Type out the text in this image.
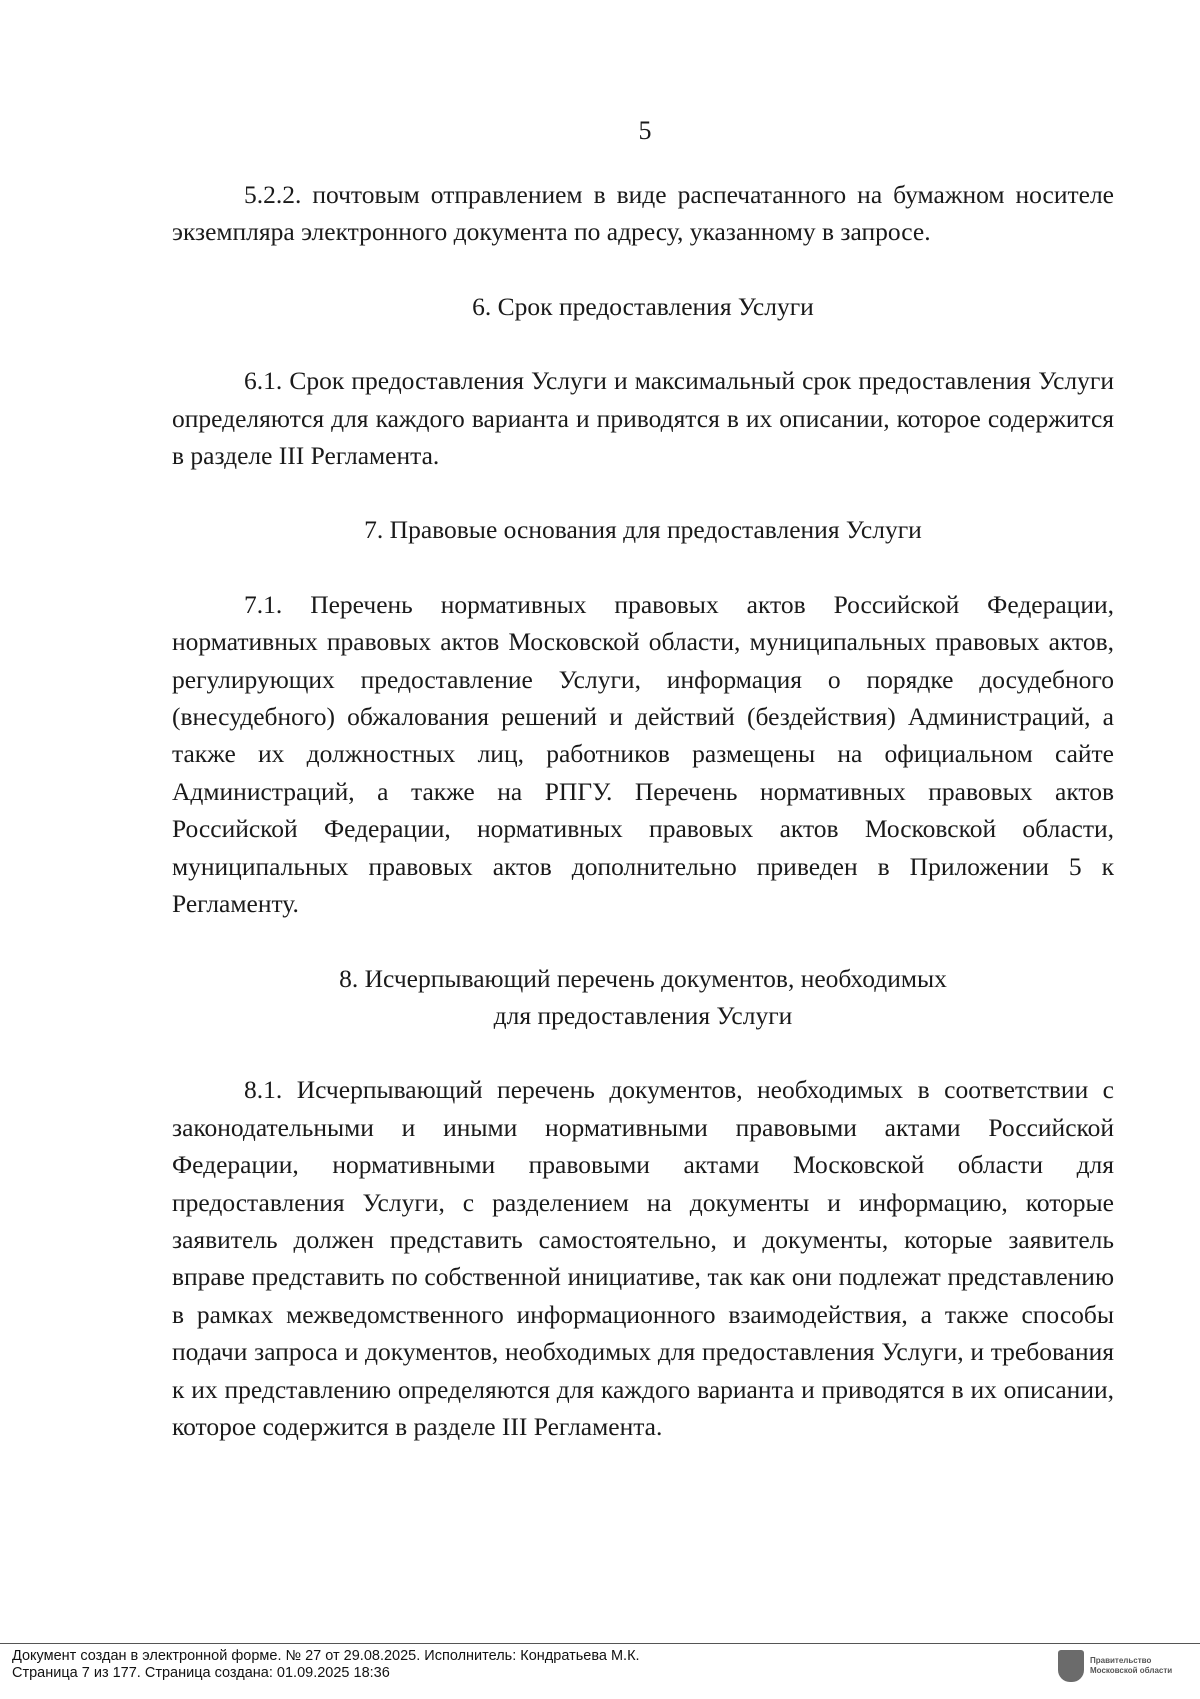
5

5.2.2. почтовым отправлением в виде распечатанного на бумажном носителе экземпляра электронного документа по адресу, указанному в запросе.

6. Срок предоставления Услуги

6.1. Срок предоставления Услуги и максимальный срок предоставления Услуги определяются для каждого варианта и приводятся в их описании, которое содержится в разделе III Регламента.

7. Правовые основания для предоставления Услуги

7.1. Перечень нормативных правовых актов Российской Федерации, нормативных правовых актов Московской области, муниципальных правовых актов, регулирующих предоставление Услуги, информация о порядке досудебного (внесудебного) обжалования решений и действий (бездействия) Администраций, а также их должностных лиц, работников размещены на официальном сайте Администраций, а также на РПГУ. Перечень нормативных правовых актов Российской Федерации, нормативных правовых актов Московской области, муниципальных правовых актов дополнительно приведен в Приложении 5 к Регламенту.

8. Исчерпывающий перечень документов, необходимых
для предоставления Услуги

8.1. Исчерпывающий перечень документов, необходимых в соответствии с законодательными и иными нормативными правовыми актами Российской Федерации, нормативными правовыми актами Московской области для предоставления Услуги, с разделением на документы и информацию, которые заявитель должен представить самостоятельно, и документы, которые заявитель вправе представить по собственной инициативе, так как они подлежат представлению в рамках межведомственного информационного взаимодействия, а также способы подачи запроса и документов, необходимых для предоставления Услуги, и требования к их представлению определяются для каждого варианта и приводятся в их описании, которое содержится в разделе III Регламента.

Документ создан в электронной форме. № 27 от 29.08.2025. Исполнитель: Кондратьева М.К.
Страница 7 из 177. Страница создана: 01.09.2025 18:36
Правительство
Московской области
